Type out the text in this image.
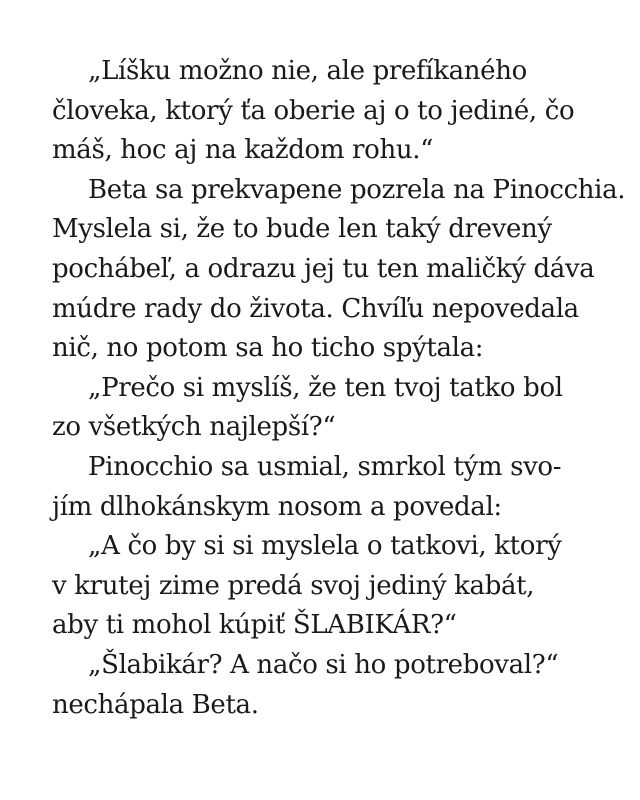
„Líšku možno nie, ale prefíkaného
človeka, ktorý ťa oberie aj o to jediné, čo
máš, hoc aj na každom rohu.“
Beta sa prekvapene pozrela na Pinocchia.
Myslela si, že to bude len taký drevený
pochábeľ, a odrazu jej tu ten maličký dáva
múdre rady do života. Chvíľu nepovedala
nič, no potom sa ho ticho spýtala:
„Prečo si myslíš, že ten tvoj tatko bol
zo všetkých najlepší?“
Pinocchio sa usmial, smrkol tým svo-
jím dlhokánskym nosom a povedal:
„A čo by si si myslela o tatkovi, ktorý
v krutej zime predá svoj jediný kabát,
aby ti mohol kúpiť ŠLABIKÁR?“
„Šlabikár? A načo si ho potreboval?“
nechápala Beta.
